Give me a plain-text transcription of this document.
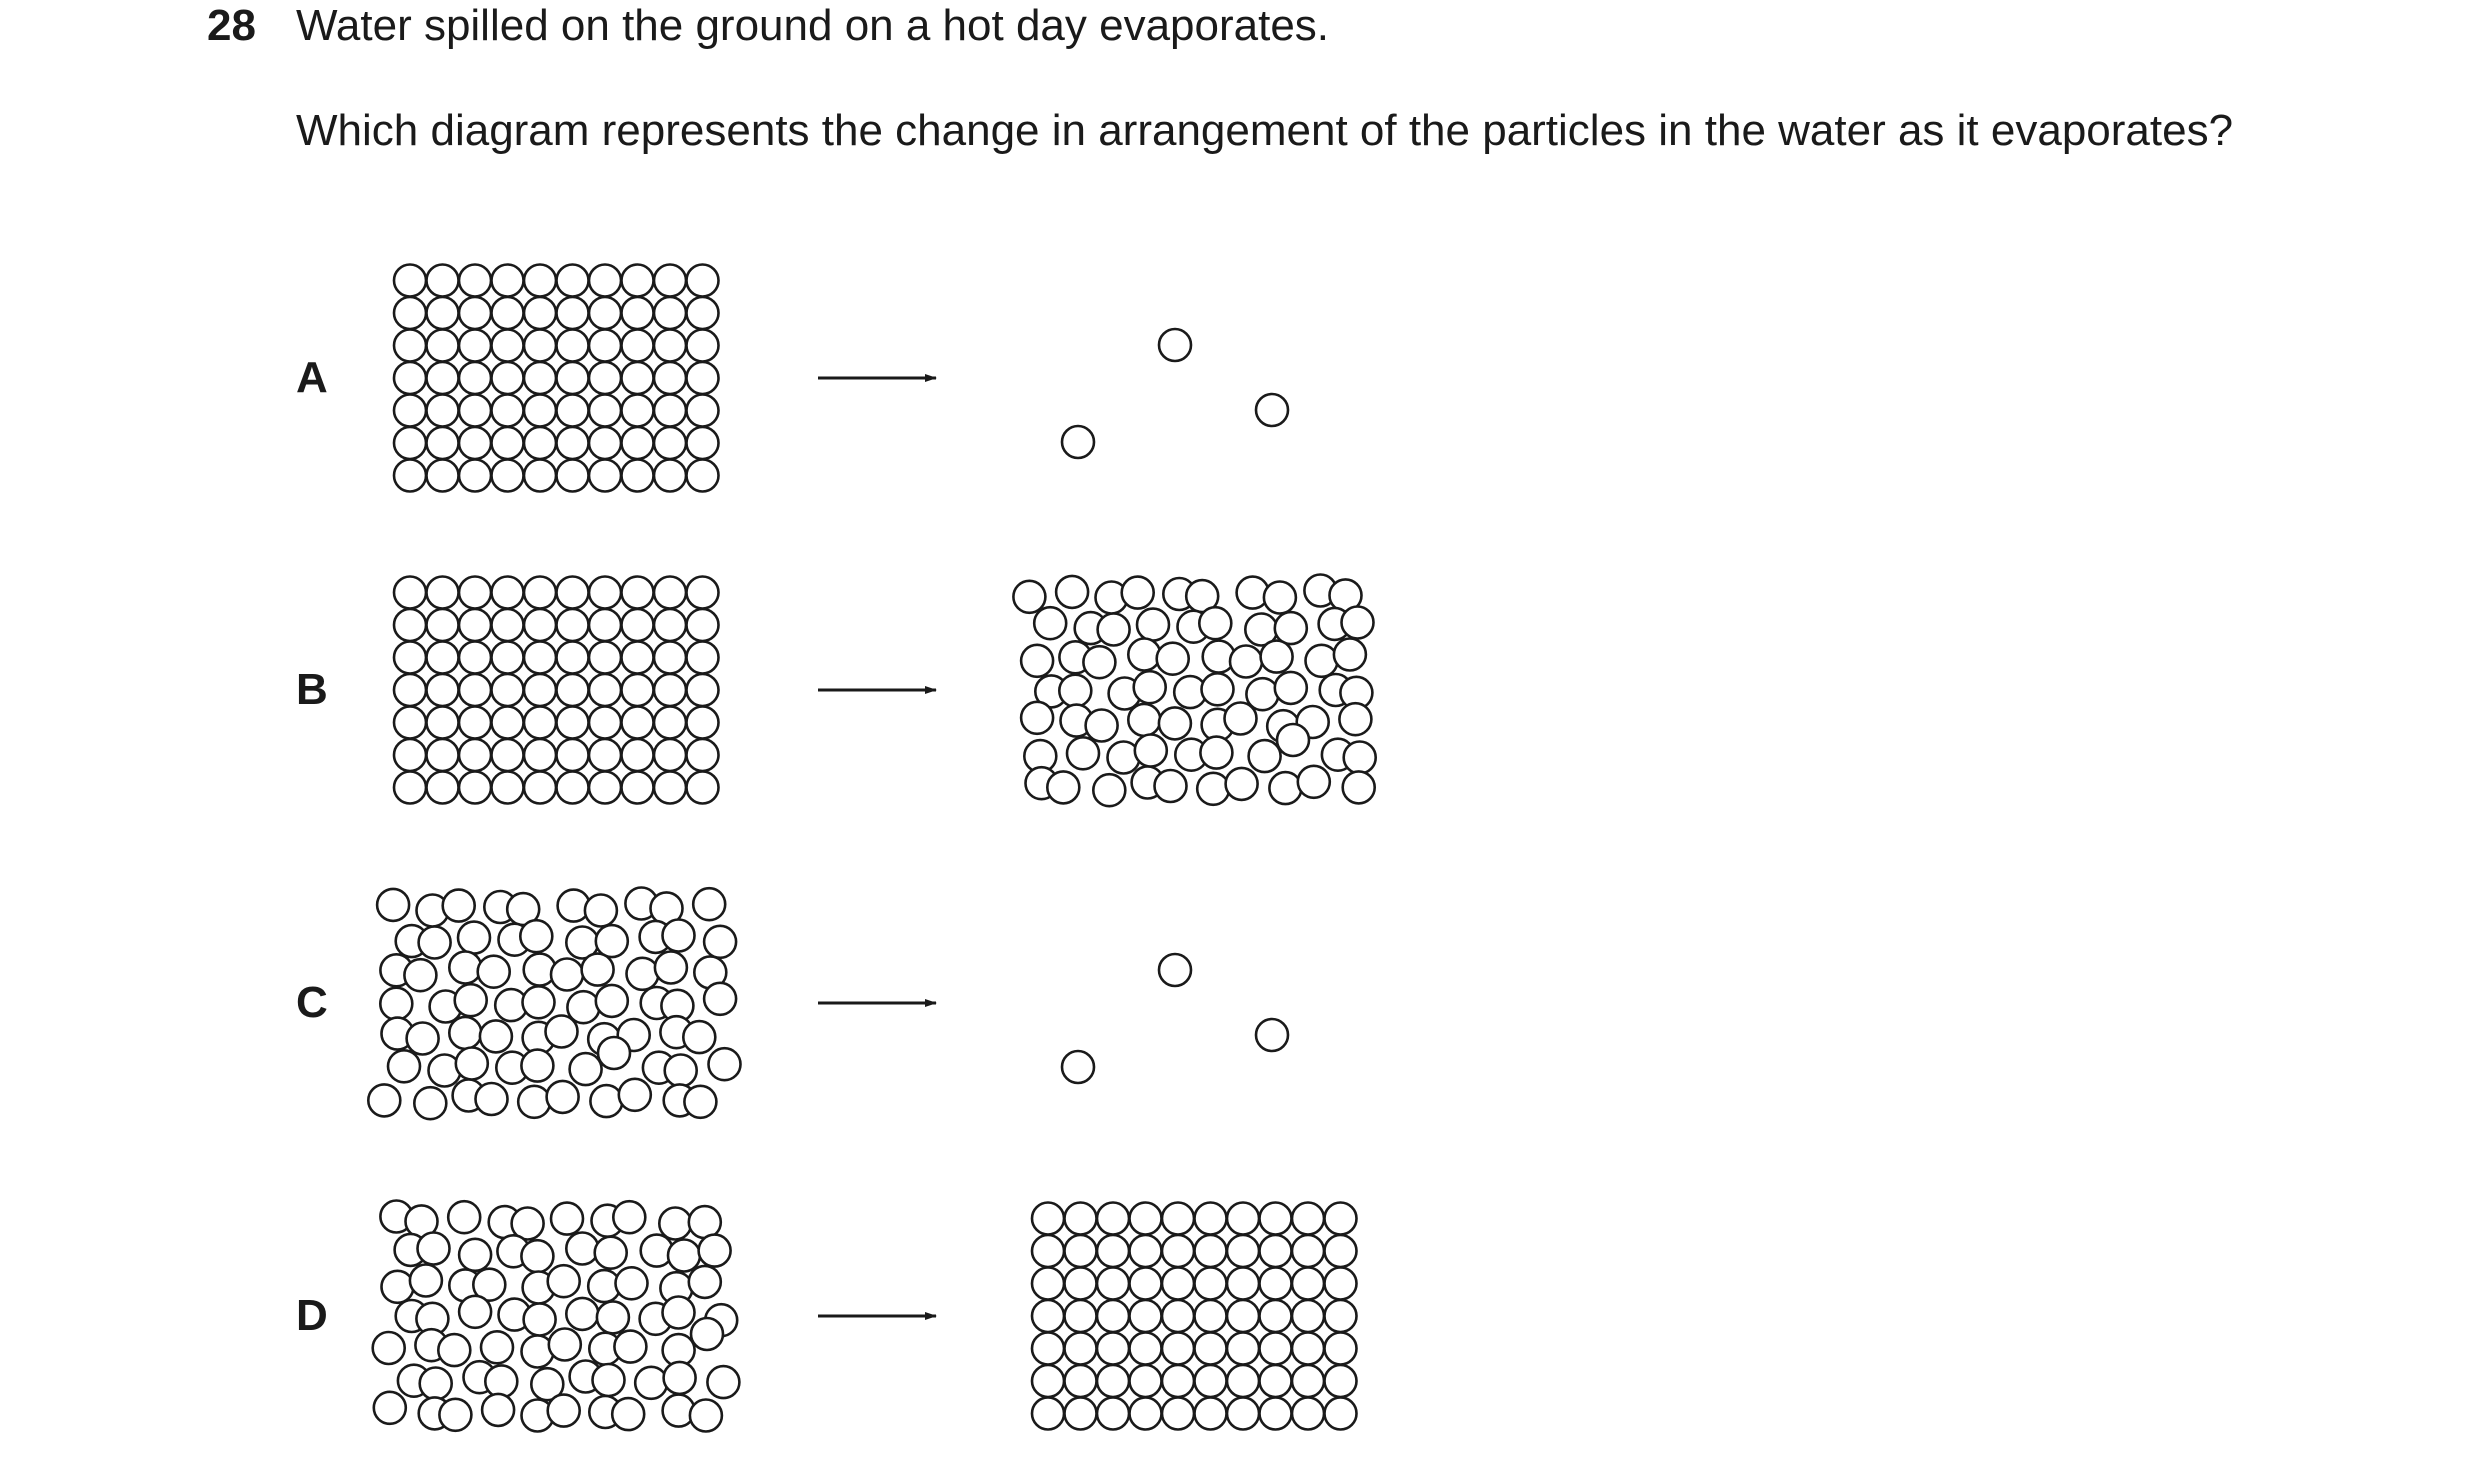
28 Water spilled on the ground on a hot day evaporates.
Which diagram represents the change in arrangement of the particles in the water as it evaporates?
A
B
C
D
